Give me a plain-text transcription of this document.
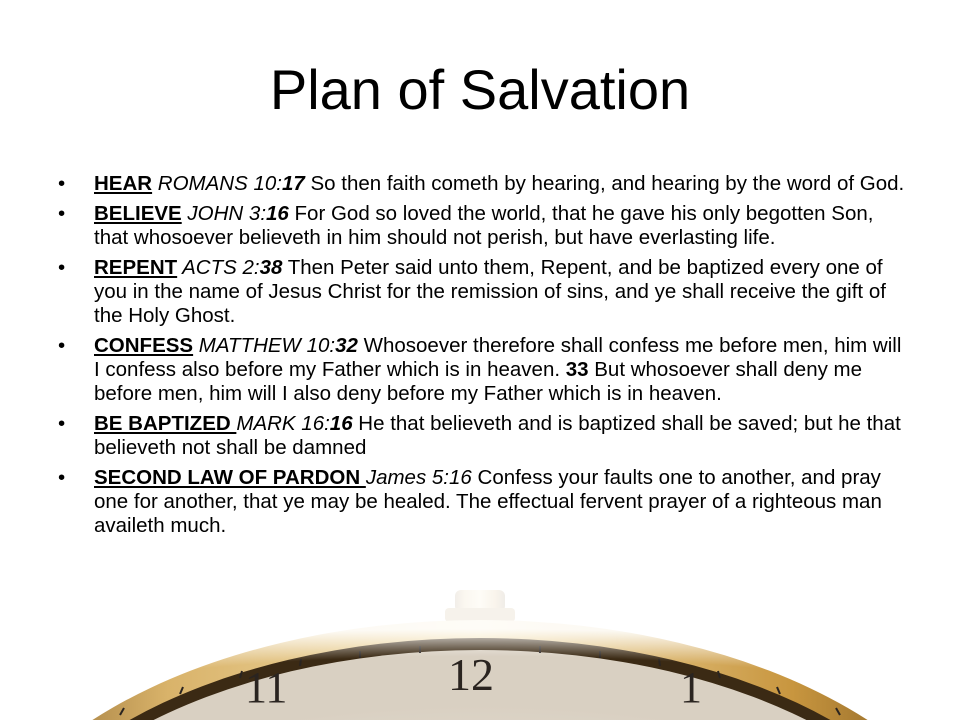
Plan of Salvation
• HEAR ROMANS 10:17 So then faith cometh by hearing, and hearing by the word of God.
• BELIEVE JOHN 3:16 For God so loved the world, that he gave his only begotten Son, that whosoever believeth in him should not perish, but have everlasting life.
• REPENT ACTS 2:38 Then Peter said unto them, Repent, and be baptized every one of you in the name of Jesus Christ for the remission of sins, and ye shall receive the gift of the Holy Ghost.
• CONFESS MATTHEW 10:32 Whosoever therefore shall confess me before men, him will I confess also before my Father which is in heaven. 33 But whosoever shall deny me before men, him will I also deny before my Father which is in heaven.
• BE BAPTIZED MARK 16:16 He that believeth and is baptized shall be saved; but he that believeth not shall be damned
• SECOND LAW OF PARDON James 5:16 Confess your faults one to another, and pray one for another, that ye may be healed. The effectual fervent prayer of a righteous man availeth much.
